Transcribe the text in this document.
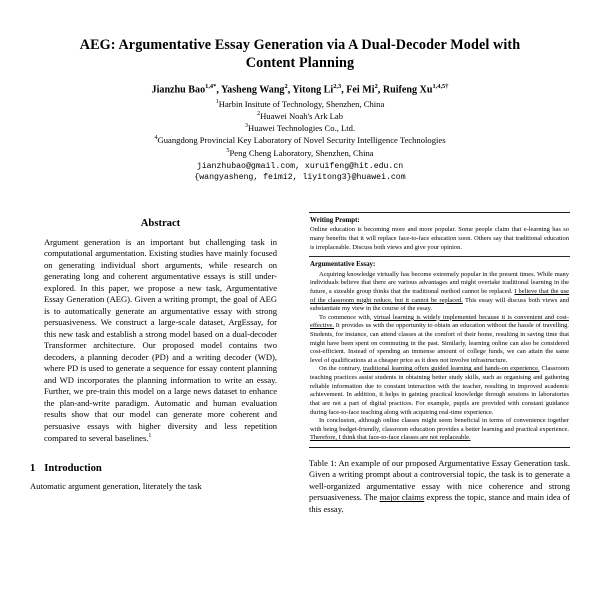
AEG: Argumentative Essay Generation via A Dual-Decoder Model with Content Planning
Jianzhu Bao$^{1,4*}$, Yasheng Wang$^2$, Yitong Li$^{2,3}$, Fei Mi$^2$, Ruifeng $Xu^{1,4,5\dagger}$
$^1$Harbin Insitute of Technology, Shenzhen, China
$^2$Huawei Noah's Ark Lab
$^3$Huawei Technologies Co., Ltd.
$^4$Guangdong Provincial Key Laboratory of Novel Security Intelligence Technologies
$^5$Peng Cheng Laboratory, Shenzhen, China
jianzhubao@gmail.com, xuruifeng@hit.edu.cn
{wangyasheng, feimi2, liyitong3}@huawei.com
Abstract
Argument generation is an important but challenging task in computational argumentation. Existing studies have mainly focused on generating individual short arguments, while research on generating long and coherent argumentative essays is still under-explored. In this paper, we propose a new task, Argumentative Essay Generation (AEG). Given a writing prompt, the goal of AEG is to automatically generate an argumentative essay with strong persuasiveness. We construct a large-scale dataset, ArgEssay, for this new task and establish a strong model based on a dual-decoder Transformer architecture. Our proposed model contains two decoders, a planning decoder (PD) and a writing decoder (WD), where PD is used to generate a sequence for essay content planning and WD incorporates the planning information to write an essay. Further, we pre-train this model on a large news dataset to enhance the plan-and-write paradigm. Automatic and human evaluation results show that our model can generate more coherent and persuasive essays with higher diversity and less repetition compared to several baselines.$^1$
1 Introduction
Automatic argument generation, literately the task
Writing Prompt:

Online education is becoming more and more popular. Some people claim that e-learning has so many benefits that it will replace face-to-face education soon. Others say that traditional education is irreplaceable. Discuss both views and give your opinion.

Argumentative Essay:

Acquiring knowledge virtually has become extremely popular in the present times. While many individuals believe that there are various advantages and might overtake traditional learning in the future, a sizeable group thinks that the traditional method cannot be replaced. I believe that the use of the classroom might reduce, but it cannot be replaced. This essay will discuss both views and substantiate my view in the course of the essay.

To commence with, virtual learning is widely implemented because it is convenient and cost-effective. It provides us with the opportunity to obtain an education without the hassle of travelling. Students, for instance, can attend classes at the comfort of their home, resulting in saving time that might have been spent on commuting in the past. Similarly, learning online can also be considered cost-efficient. Instead of spending an immense amount of college funds, we can attain the same level of qualifications at a cheaper price as it does not involve infrastructure.

On the contrary, traditional learning offers guided learning and hands-on experience. Classroom teaching practices assist students in obtaining better study skills, such as organising and gathering reliable information due to constant interaction with the teacher, resulting in improved academic achievement. In addition, it helps in gaining practical knowledge through sessions in laboratories that are not a part of digital practices. For example, pupils are provided with constant guidance during face-to-face teaching along with acquiring real-time experience.

In conclusion, although online classes might seem beneficial in terms of convenience together with being budget-friendly, classroom education provides a better learning and practical experience. Therefore, I think that face-to-face classes are not replaceable.

Table 1: An example of our proposed Argumentative Essay Generation task. Given a writing prompt about a controversial topic, the task is to generate a well-organized argumentative essay with nice coherence and strong persuasiveness. The major claims express the topic, stance and main idea of this essay.
